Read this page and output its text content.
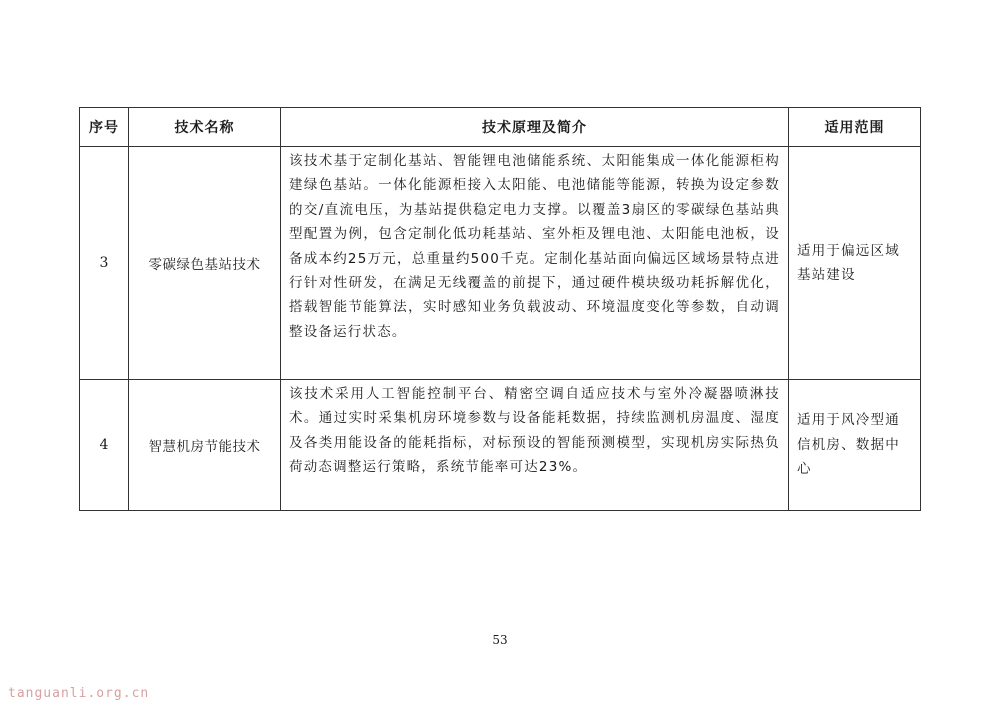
序号	技术名称	技术原理及简介	适用范围
3	零碳绿色基站技术	该技术基于定制化基站、智能锂电池储能系统、太阳能集成一体化能源柜构建绿色基站。一体化能源柜接入太阳能、电池储能等能源，转换为设定参数的交/直流电压，为基站提供稳定电力支撑。以覆盖3扇区的零碳绿色基站典型配置为例，包含定制化低功耗基站、室外柜及锂电池、太阳能电池板，设备成本约25万元，总重量约500千克。定制化基站面向偏远区域场景特点进行针对性研发，在满足无线覆盖的前提下，通过硬件模块级功耗拆解优化，搭载智能节能算法，实时感知业务负载波动、环境温度变化等参数，自动调整设备运行状态。	适用于偏远区域基站建设
4	智慧机房节能技术	该技术采用人工智能控制平台、精密空调自适应技术与室外冷凝器喷淋技术。通过实时采集机房环境参数与设备能耗数据，持续监测机房温度、湿度及各类用能设备的能耗指标，对标预设的智能预测模型，实现机房实际热负荷动态调整运行策略，系统节能率可达23%。	适用于风冷型通信机房、数据中心
53
tanguanli.org.cn
